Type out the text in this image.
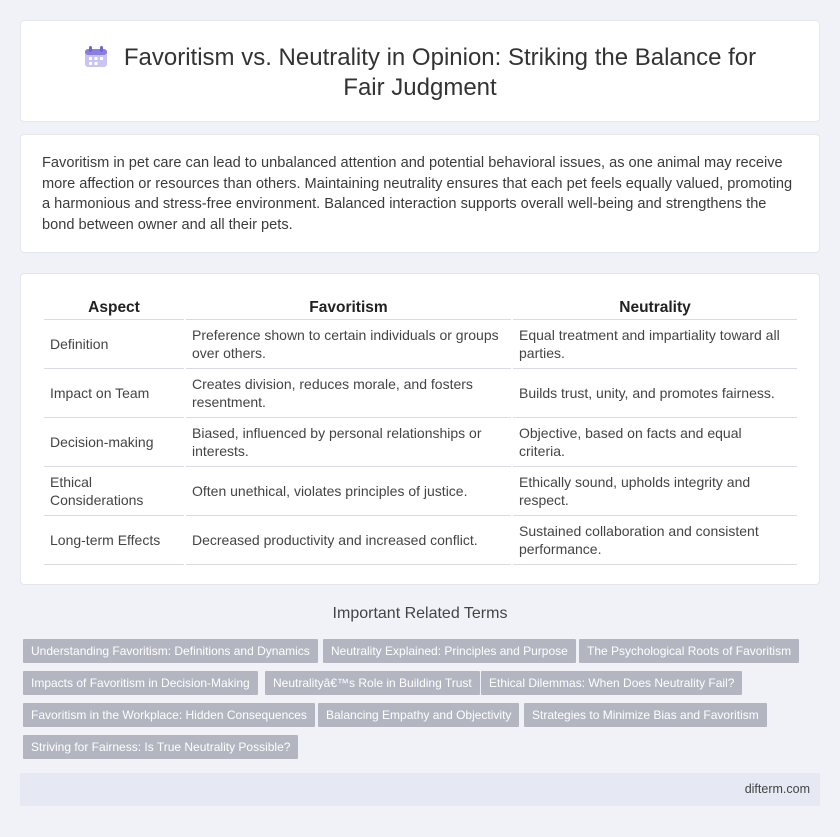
Favoritism vs. Neutrality in Opinion: Striking the Balance for Fair Judgment
Favoritism in pet care can lead to unbalanced attention and potential behavioral issues, as one animal may receive more affection or resources than others. Maintaining neutrality ensures that each pet feels equally valued, promoting a harmonious and stress-free environment. Balanced interaction supports overall well-being and strengthens the bond between owner and all their pets.
Aspect	Favoritism	Neutrality
Definition	Preference shown to certain individuals or groups over others.	Equal treatment and impartiality toward all parties.
Impact on Team	Creates division, reduces morale, and fosters resentment.	Builds trust, unity, and promotes fairness.
Decision-making	Biased, influenced by personal relationships or interests.	Objective, based on facts and equal criteria.
Ethical Considerations	Often unethical, violates principles of justice.	Ethically sound, upholds integrity and respect.
Long-term Effects	Decreased productivity and increased conflict.	Sustained collaboration and consistent performance.
Important Related Terms
Understanding Favoritism: Definitions and Dynamics	Neutrality Explained: Principles and Purpose	The Psychological Roots of Favoritism
Impacts of Favoritism in Decision-Making	Neutralityâ€™s Role in Building Trust	Ethical Dilemmas: When Does Neutrality Fail?
Favoritism in the Workplace: Hidden Consequences	Balancing Empathy and Objectivity	Strategies to Minimize Bias and Favoritism
Striving for Fairness: Is True Neutrality Possible?
difterm.com
